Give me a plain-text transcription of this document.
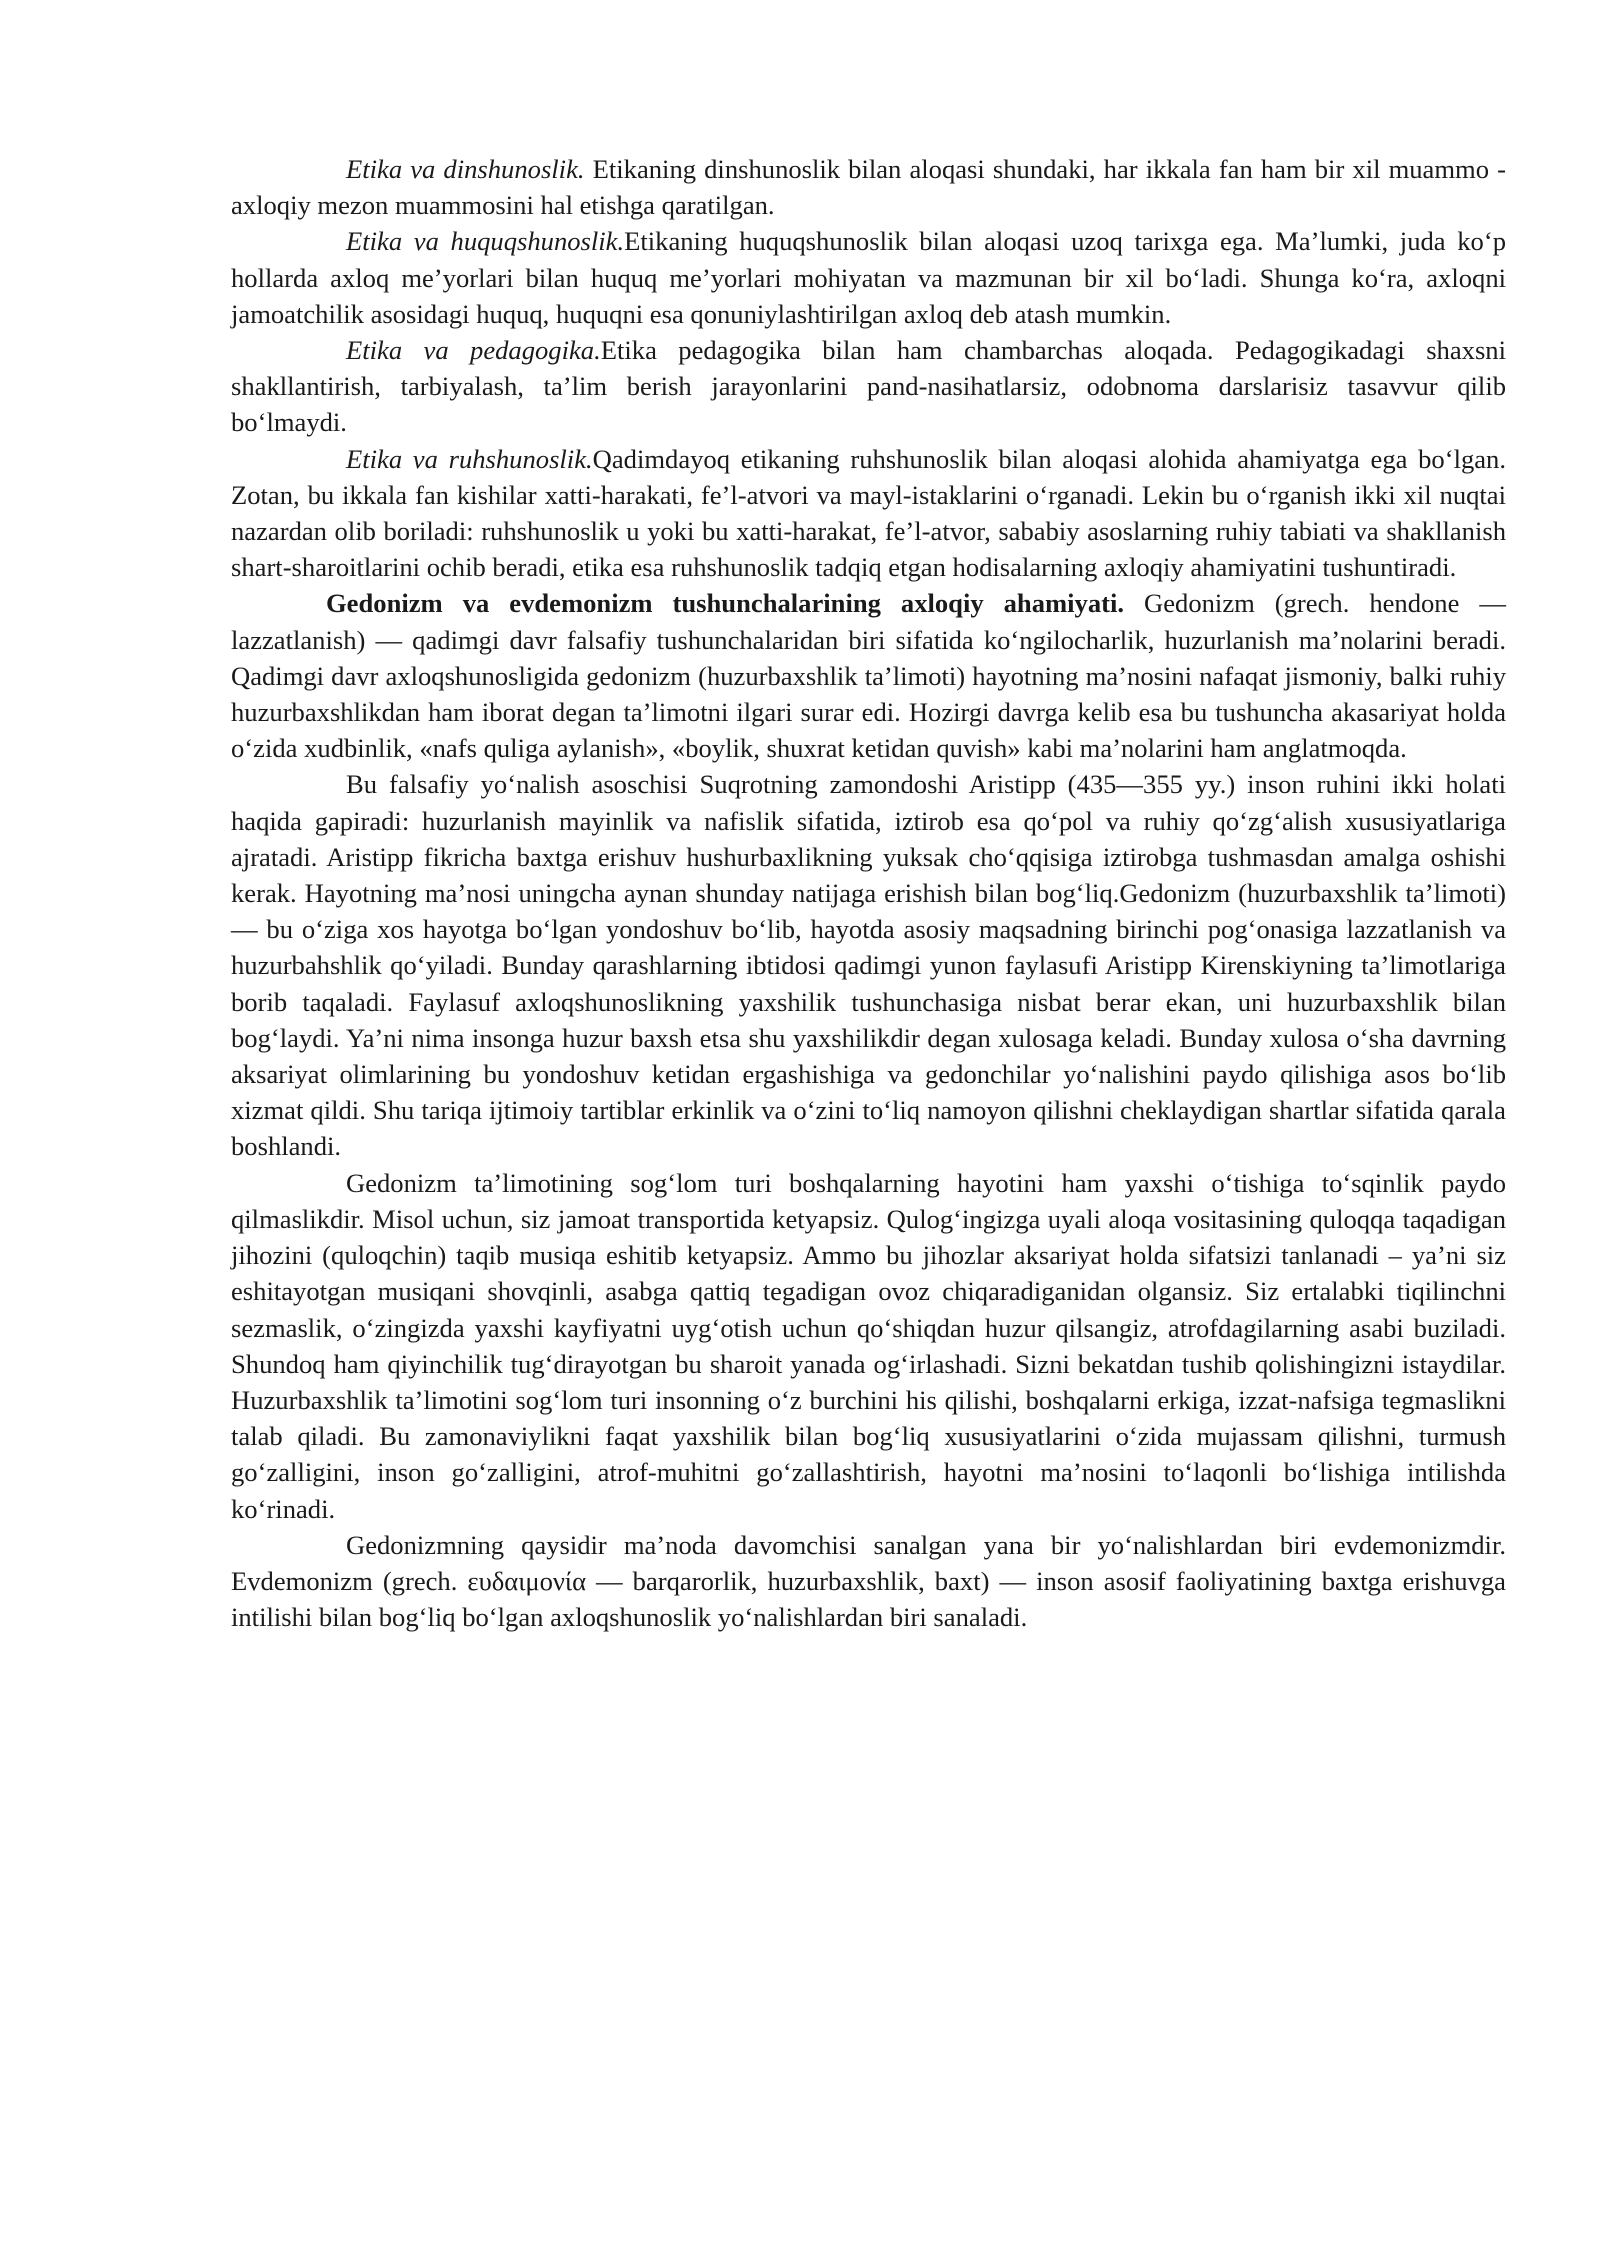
Etika va dinshunoslik. Etikaning dinshunoslik bilan aloqasi shundaki, har ikkala fan ham bir xil muammo - axloqiy mezon muammosini hal etishga qaratilgan.

Etika va huquqshunoslik.Etikaning huquqshunoslik bilan aloqasi uzoq tarixga ega. Ma’lumki, juda ko‘p hollarda axloq me’yorlari bilan huquq me’yorlari mohiyatan va mazmunan bir xil bo‘ladi. Shunga ko‘ra, axloqni jamoatchilik asosidagi huquq, huquqni esa qonuniylashtirilgan axloq deb atash mumkin.

Etika va pedagogika.Etika pedagogika bilan ham chambarchas aloqada. Pedagogikadagi shaxsni shakllantirish, tarbiyalash, ta’lim berish jarayonlarini pand-nasihatlarsiz, odobnoma darslarisiz tasavvur qilib bo‘lmaydi.

Etika va ruhshunoslik.Qadimdayoq etikaning ruhshunoslik bilan aloqasi alohida ahamiyatga ega bo‘lgan. Zotan, bu ikkala fan kishilar xatti-harakati, fe’l-atvori va mayl-istaklarini o‘rganadi. Lekin bu o‘rganish ikki xil nuqtai nazardan olib boriladi: ruhshunoslik u yoki bu xatti-harakat, fe’l-atvor, sababiy asoslarning ruhiy tabiati va shakllanish shart-sharoitlarini ochib beradi, etika esa ruhshunoslik tadqiq etgan hodisalarning axloqiy ahamiyatini tushuntiradi.

Gedonizm va evdemonizm tushunchalarining axloqiy ahamiyati. Gedonizm (grech. hendone — lazzatlanish) — qadimgi davr falsafiy tushunchalaridan biri sifatida ko‘ngilocharlik, huzurlanish ma’nolarini beradi. Qadimgi davr axloqshunosligida gedonizm (huzurbaxshlik ta’limoti) hayotning ma’nosini nafaqat jismoniy, balki ruhiy huzurbaxshlikdan ham iborat degan ta’limotni ilgari surar edi. Hozirgi davrga kelib esa bu tushuncha akasariyat holda o‘zida xudbinlik, «nafs quliga aylanish», «boylik, shuxrat ketidan quvish» kabi ma’nolarini ham anglatmoqda.

Bu falsafiy yo‘nalish asoschisi Suqrotning zamondoshi Aristipp (435—355 yy.) inson ruhini ikki holati haqida gapiradi: huzurlanish mayinlik va nafislik sifatida, iztirob esa qo‘pol va ruhiy qo‘zg‘alish xususiyatlariga ajratadi. Aristipp fikricha baxtga erishuv hushurbaxlikning yuksak cho‘qqisiga iztirobga tushmasdan amalga oshishi kerak. Hayotning ma’nosi uningcha aynan shunday natijaga erishish bilan bog‘liq.Gedonizm (huzurbaxshlik ta’limoti)— bu o‘ziga xos hayotga bo‘lgan yondoshuv bo‘lib, hayotda asosiy maqsadning birinchi pog‘onasiga lazzatlanish va huzurbahshlik qo‘yiladi. Bunday qarashlarning ibtidosi qadimgi yunon faylasufi Aristipp Kirenskiyning ta’limotlariga borib taqaladi. Faylasuf axloqshunoslikning yaxshilik tushunchasiga nisbat berar ekan, uni huzurbaxshlik bilan bog‘laydi. Ya’ni nima insonga huzur baxsh etsa shu yaxshilikdir degan xulosaga keladi. Bunday xulosa o‘sha davrning aksariyat olimlarining bu yondoshuv ketidan ergashishiga va gedonchilar yo‘nalishini paydo qilishiga asos bo‘lib xizmat qildi. Shu tariqa ijtimoiy tartiblar erkinlik va o‘zini to‘liq namoyon qilishni cheklaydigan shartlar sifatida qarala boshlandi.

Gedonizm ta’limotining sog‘lom turi boshqalarning hayotini ham yaxshi o‘tishiga to‘sqinlik paydo qilmaslikdir. Misol uchun, siz jamoat transportida ketyapsiz. Qulog‘ingizga uyali aloqa vositasining quloqqa taqadigan jihozini (quloqchin) taqib musiqa eshitib ketyapsiz. Ammo bu jihozlar aksariyat holda sifatsizi tanlanadi – ya’ni siz eshitayotgan musiqani shovqinli, asabga qattiq tegadigan ovoz chiqaradiganidan olgansiz. Siz ertalabki tiqilinchni sezmaslik, o‘zingizda yaxshi kayfiyatni uyg‘otish uchun qo‘shiqdan huzur qilsangiz, atrofdagilarning asabi buziladi. Shundoq ham qiyinchilik tug‘dirayotgan bu sharoit yanada og‘irlashadi. Sizni bekatdan tushib qolishingizni istaydilar. Huzurbaxshlik ta’limotini sog‘lom turi insonning o‘z burchini his qilishi, boshqalarni erkiga, izzat-nafsiga tegmaslikni talab qiladi. Bu zamonaviylikni faqat yaxshilik bilan bog‘liq xususiyatlarini o‘zida mujassam qilishni, turmush go‘zalligini, inson go‘zalligini, atrof-muhitni go‘zallashtirish, hayotni ma’nosini to‘laqonli bo‘lishiga intilishda ko‘rinadi.

Gedonizmning qaysidir ma’noda davomchisi sanalgan yana bir yo‘nalishlardan biri evdemonizmdir. Evdemonizm (grech. ευδαιμονία — barqarorlik, huzurbaxshlik, baxt) — inson asosif faoliyatining baxtga erishuvga intilishi bilan bog‘liq bo‘lgan axloqshunoslik yo‘nalishlardan biri sanaladi.
